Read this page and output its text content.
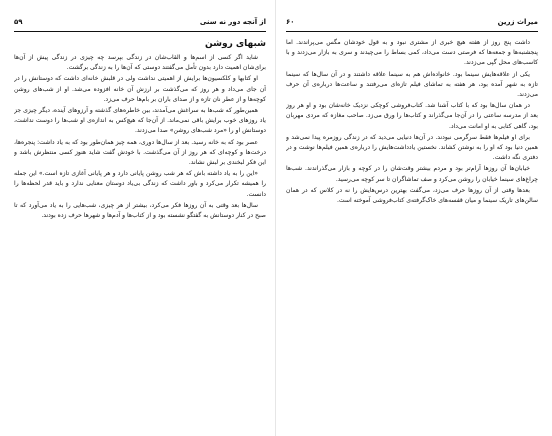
از آنجه دور نه سنی
۵۹
شبهای روشن

شاید اگر کسی از اسم‌ها و القاب‌شان در زندگی بپرسد چه چیزی در زندگی پیش از آن‌ها برای‌شان اهمیت دارد بدون تأمل می‌گفتند دوستی که آن‌ها را به زندگی برگشت.

او کتابها و کلکسیون‌ها برایش از اهمیتی نداشت ولی در قلبش خانه‌ای داشت که دوستانش را در آن جای می‌داد و هر روز که می‌گذشت بر ارزش آن خانه افزوده می‌شد. او از شب‌های روشن کوچه‌ها و از عطر نان تازه و از صدای باران بر بام‌ها حرف می‌زد.

همین‌طور که شب‌ها به سراغش می‌آمدند، بین خاطره‌های گذشته و آرزوهای آینده، دیگر چیزی جز یاد روزهای خوب برایش باقی نمی‌ماند. از آن‌جا که هیچ‌کس به اندازه‌ی او شب‌ها را دوست نداشت، دوستانش او را «مرد شب‌های روشن» صدا می‌زدند.

عصر بود که به خانه رسید. بعد از سال‌ها دوری، همه چیز همان‌طور بود که به یاد داشت: پنجره‌ها، درخت‌ها و کوچه‌ای که هر روز از آن می‌گذشت. با خودش گفت شاید هنوز کسی منتظرش باشد و این فکر لبخندی بر لبش نشاند.

«این را به یاد داشته باش که هر شب روشن پایانی دارد و هر پایانی آغازی تازه است.» این جمله را همیشه تکرار می‌کرد و باور داشت که زندگی بی‌یاد دوستان معنایی ندارد و باید قدر لحظه‌ها را دانست.

سال‌ها بعد وقتی به آن روزها فکر می‌کرد، بیشتر از هر چیزی، شب‌هایی را به یاد می‌آورد که تا صبح در کنار دوستانش به گفتگو نشسته بود و از کتاب‌ها و آدم‌ها و شهرها حرف زده بودند.

میراث زرین
۶۰

داشت پنج روز از هفته هیچ خبری از مشتری نبود و به قول خودشان مگس می‌پراندند. اما پنجشنبه‌ها و جمعه‌ها که فرصتی دست می‌داد، کمی بساط را می‌چیدند و سری به بازار می‌زدند و با کاسب‌های محل گپی می‌زدند.

یکی از علاقه‌هایش سینما بود. خانواده‌اش هم به سینما علاقه داشتند و در آن سال‌ها که سینما تازه به شهر آمده بود، هر هفته به تماشای فیلم تازه‌ای می‌رفتند و ساعت‌ها درباره‌ی آن حرف می‌زدند.

در همان سال‌ها بود که با کتاب آشنا شد. کتاب‌فروشی کوچکی نزدیک خانه‌شان بود و او هر روز بعد از مدرسه ساعتی را در آن‌جا می‌گذراند و کتاب‌ها را ورق می‌زد. صاحب مغازه که مردی مهربان بود، گاهی کتابی به او امانت می‌داد.

برای او فیلم‌ها فقط سرگرمی نبودند. در آن‌ها دنیایی می‌دید که در زندگی روزمره پیدا نمی‌شد و همین دنیا بود که او را به نوشتن کشاند. نخستین یادداشت‌هایش را درباره‌ی همین فیلم‌ها نوشت و در دفتری نگه داشت.

خیابان‌ها آن روزها آرام‌تر بود و مردم بیشتر وقت‌شان را در کوچه و بازار می‌گذراندند. شب‌ها چراغ‌های سینما خیابان را روشن می‌کرد و صف تماشاگران تا سر کوچه می‌رسید.

بعدها وقتی از آن روزها حرف می‌زد، می‌گفت بهترین درس‌هایش را نه در کلاس که در همان سالن‌های تاریک سینما و میان قفسه‌های خاک‌گرفته‌ی کتاب‌فروشی آموخته است.
